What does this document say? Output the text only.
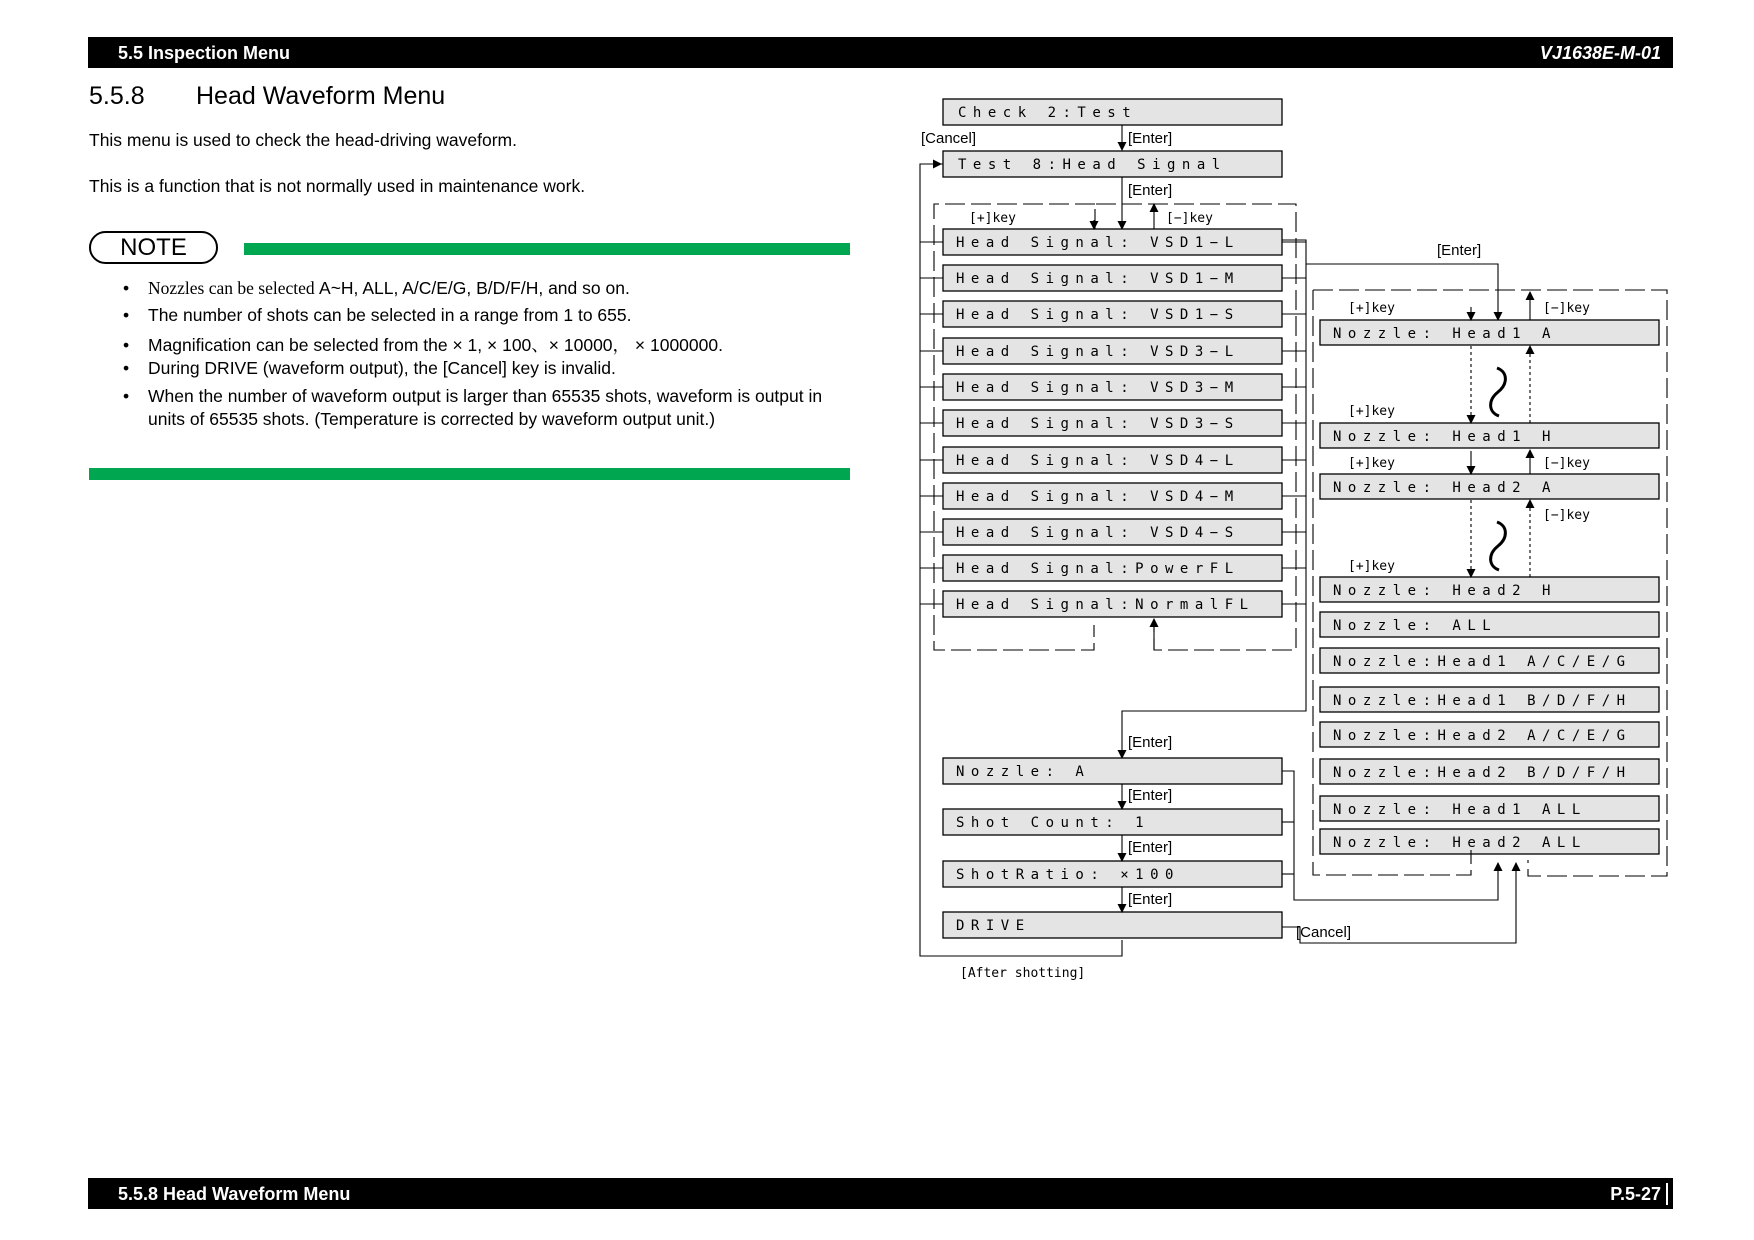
5.5 Inspection Menu	VJ1638E-M-01
5.5.8 Head Waveform Menu
This menu is used to check the head-driving waveform.
This is a function that is not normally used in maintenance work.
NOTE
• Nozzles can be selected A~H, ALL, A/C/E/G, B/D/F/H, and so on.
• The number of shots can be selected in a range from 1 to 655.
• Magnification can be selected from the × 1, × 100、× 10000， × 1000000.
• During DRIVE (waveform output), the [Cancel] key is invalid.
• When the number of waveform output is larger than 65535 shots, waveform is output in units of 65535 shots. (Temperature is corrected by waveform output unit.)
Check 2:Test
Test 8:Head Signal
[Enter]
[Cancel]
[Enter]
Head Signal: VSD1−L
Head Signal: VSD1−M
Head Signal: VSD1−S
Head Signal: VSD3−L
Head Signal: VSD3−M
Head Signal: VSD3−S
Head Signal: VSD4−L
Head Signal: VSD4−M
Head Signal: VSD4−S
Head Signal:PowerFL
Head Signal:NormalFL
[After shotting]
[+]key	[−]key
[Enter]
Nozzle: Head1 A
Nozzle: Head1 H
Nozzle: Head2 A
Nozzle: Head2 H
Nozzle: ALL
Nozzle:Head1 A/C/E/G
Nozzle:Head1 B/D/F/H
Nozzle:Head2 A/C/E/G
Nozzle:Head2 B/D/F/H
Nozzle: Head1 ALL
Nozzle: Head2 ALL
[+]key	[−]key
[+]key
[+]key	[−]key
[−]key
[+]key
Nozzle: A
Shot Count: 1
ShotRatio: ×100
DRIVE
[Enter]
[Enter]
[Enter]
[Enter]
[Cancel]
5.5.8 Head Waveform Menu	P.5-27
